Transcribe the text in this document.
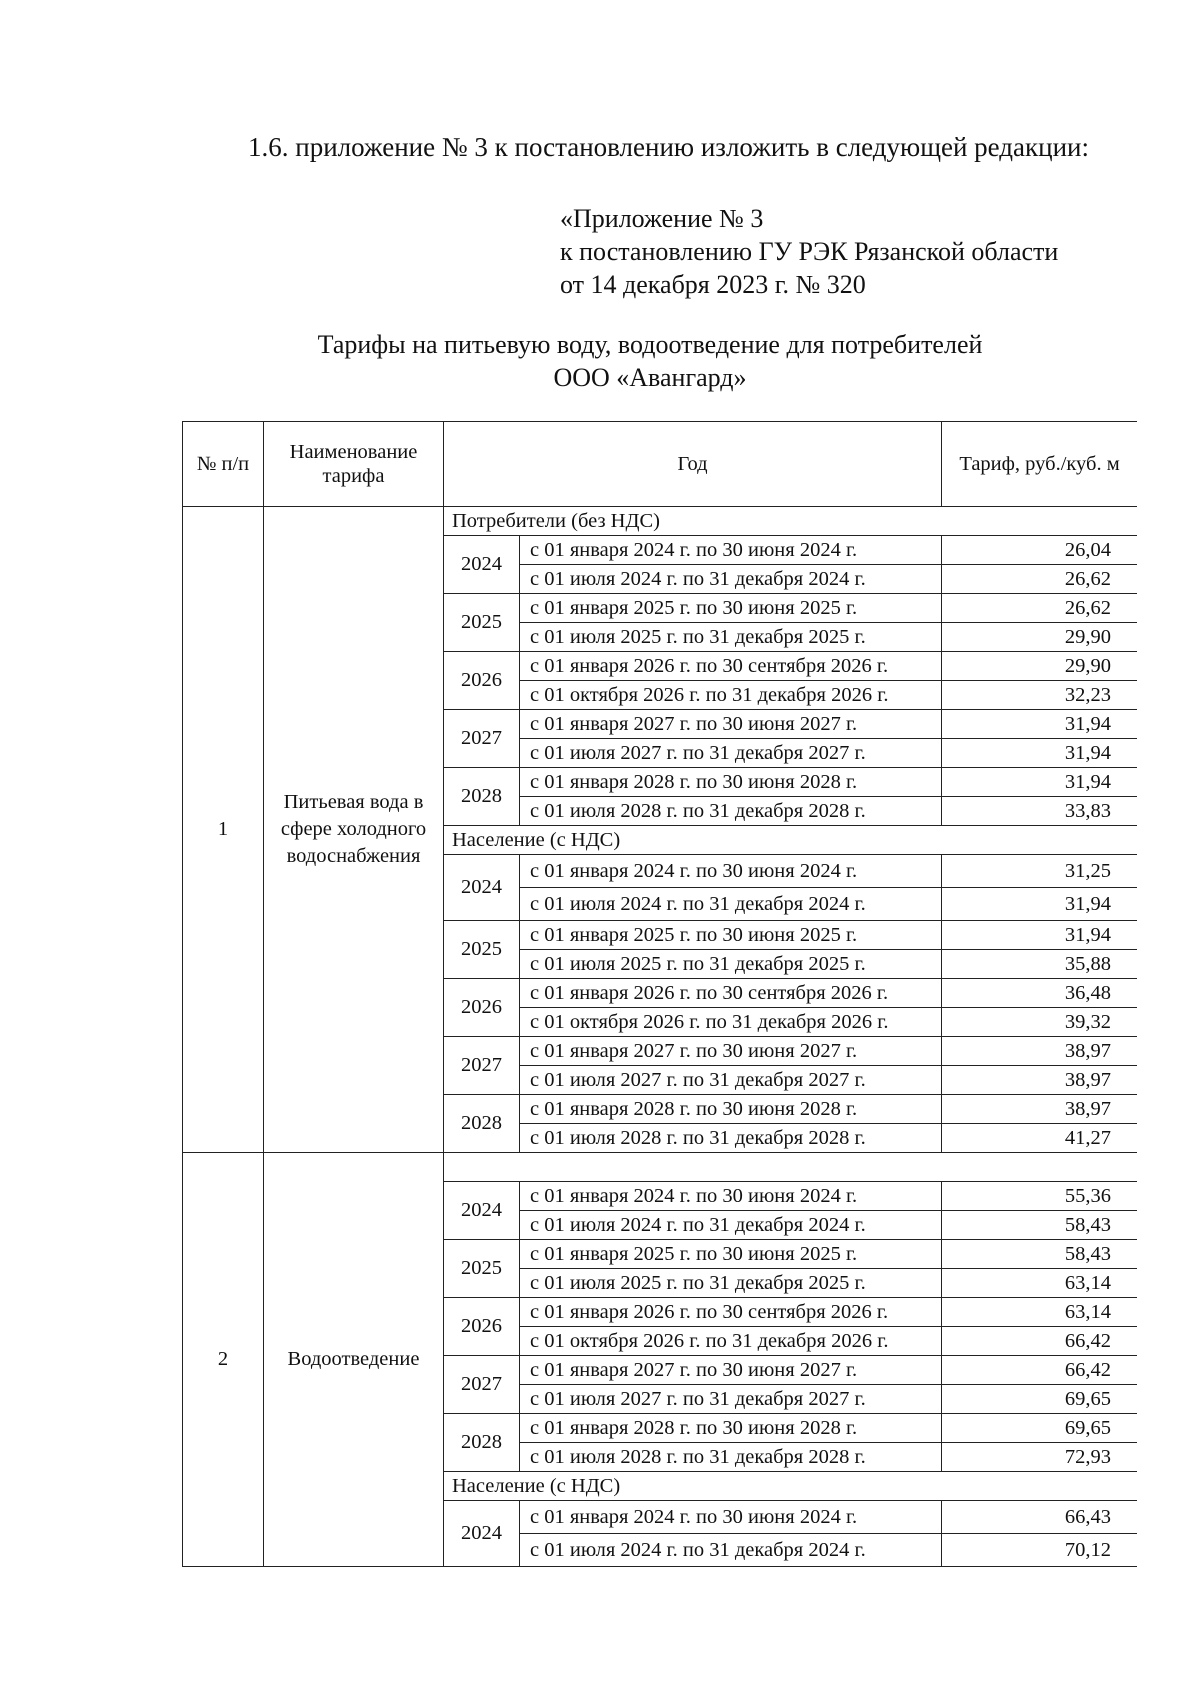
1.6. приложение № 3 к постановлению изложить в следующей редакции:
«Приложение № 3
к постановлению ГУ РЭК Рязанской области
от 14 декабря 2023 г. № 320
Тарифы на питьевую воду, водоотведение для потребителей
ООО «Авангард»
№ п/п	Наименование тарифа	Год		Тариф, руб./куб. м
1	Питьевая вода в сфере холодного водоснабжения	Потребители (без НДС)		
		2024	с 01 января 2024 г. по 30 июня 2024 г.	26,04
			с 01 июля 2024 г. по 31 декабря 2024 г.	26,62
		2025	с 01 января 2025 г. по 30 июня 2025 г.	26,62
			с 01 июля 2025 г. по 31 декабря 2025 г.	29,90
		2026	с 01 января 2026 г. по 30 сентября 2026 г.	29,90
			с 01 октября 2026 г. по 31 декабря 2026 г.	32,23
		2027	с 01 января 2027 г. по 30 июня 2027 г.	31,94
			с 01 июля 2027 г. по 31 декабря 2027 г.	31,94
		2028	с 01 января 2028 г. по 30 июня 2028 г.	31,94
			с 01 июля 2028 г. по 31 декабря 2028 г.	33,83
		Население (с НДС)		
		2024	с 01 января 2024 г. по 30 июня 2024 г.	31,25
			с 01 июля 2024 г. по 31 декабря 2024 г.	31,94
		2025	с 01 января 2025 г. по 30 июня 2025 г.	31,94
			с 01 июля 2025 г. по 31 декабря 2025 г.	35,88
		2026	с 01 января 2026 г. по 30 сентября 2026 г.	36,48
			с 01 октября 2026 г. по 31 декабря 2026 г.	39,32
		2027	с 01 января 2027 г. по 30 июня 2027 г.	38,97
			с 01 июля 2027 г. по 31 декабря 2027 г.	38,97
		2028	с 01 января 2028 г. по 30 июня 2028 г.	38,97
			с 01 июля 2028 г. по 31 декабря 2028 г.	41,27
2	Водоотведение			
		2024	с 01 января 2024 г. по 30 июня 2024 г.	55,36
			с 01 июля 2024 г. по 31 декабря 2024 г.	58,43
		2025	с 01 января 2025 г. по 30 июня 2025 г.	58,43
			с 01 июля 2025 г. по 31 декабря 2025 г.	63,14
		2026	с 01 января 2026 г. по 30 сентября 2026 г.	63,14
			с 01 октября 2026 г. по 31 декабря 2026 г.	66,42
		2027	с 01 января 2027 г. по 30 июня 2027 г.	66,42
			с 01 июля 2027 г. по 31 декабря 2027 г.	69,65
		2028	с 01 января 2028 г. по 30 июня 2028 г.	69,65
			с 01 июля 2028 г. по 31 декабря 2028 г.	72,93
		Население (с НДС)		
		2024	с 01 января 2024 г. по 30 июня 2024 г.	66,43
			с 01 июля 2024 г. по 31 декабря 2024 г.	70,12
